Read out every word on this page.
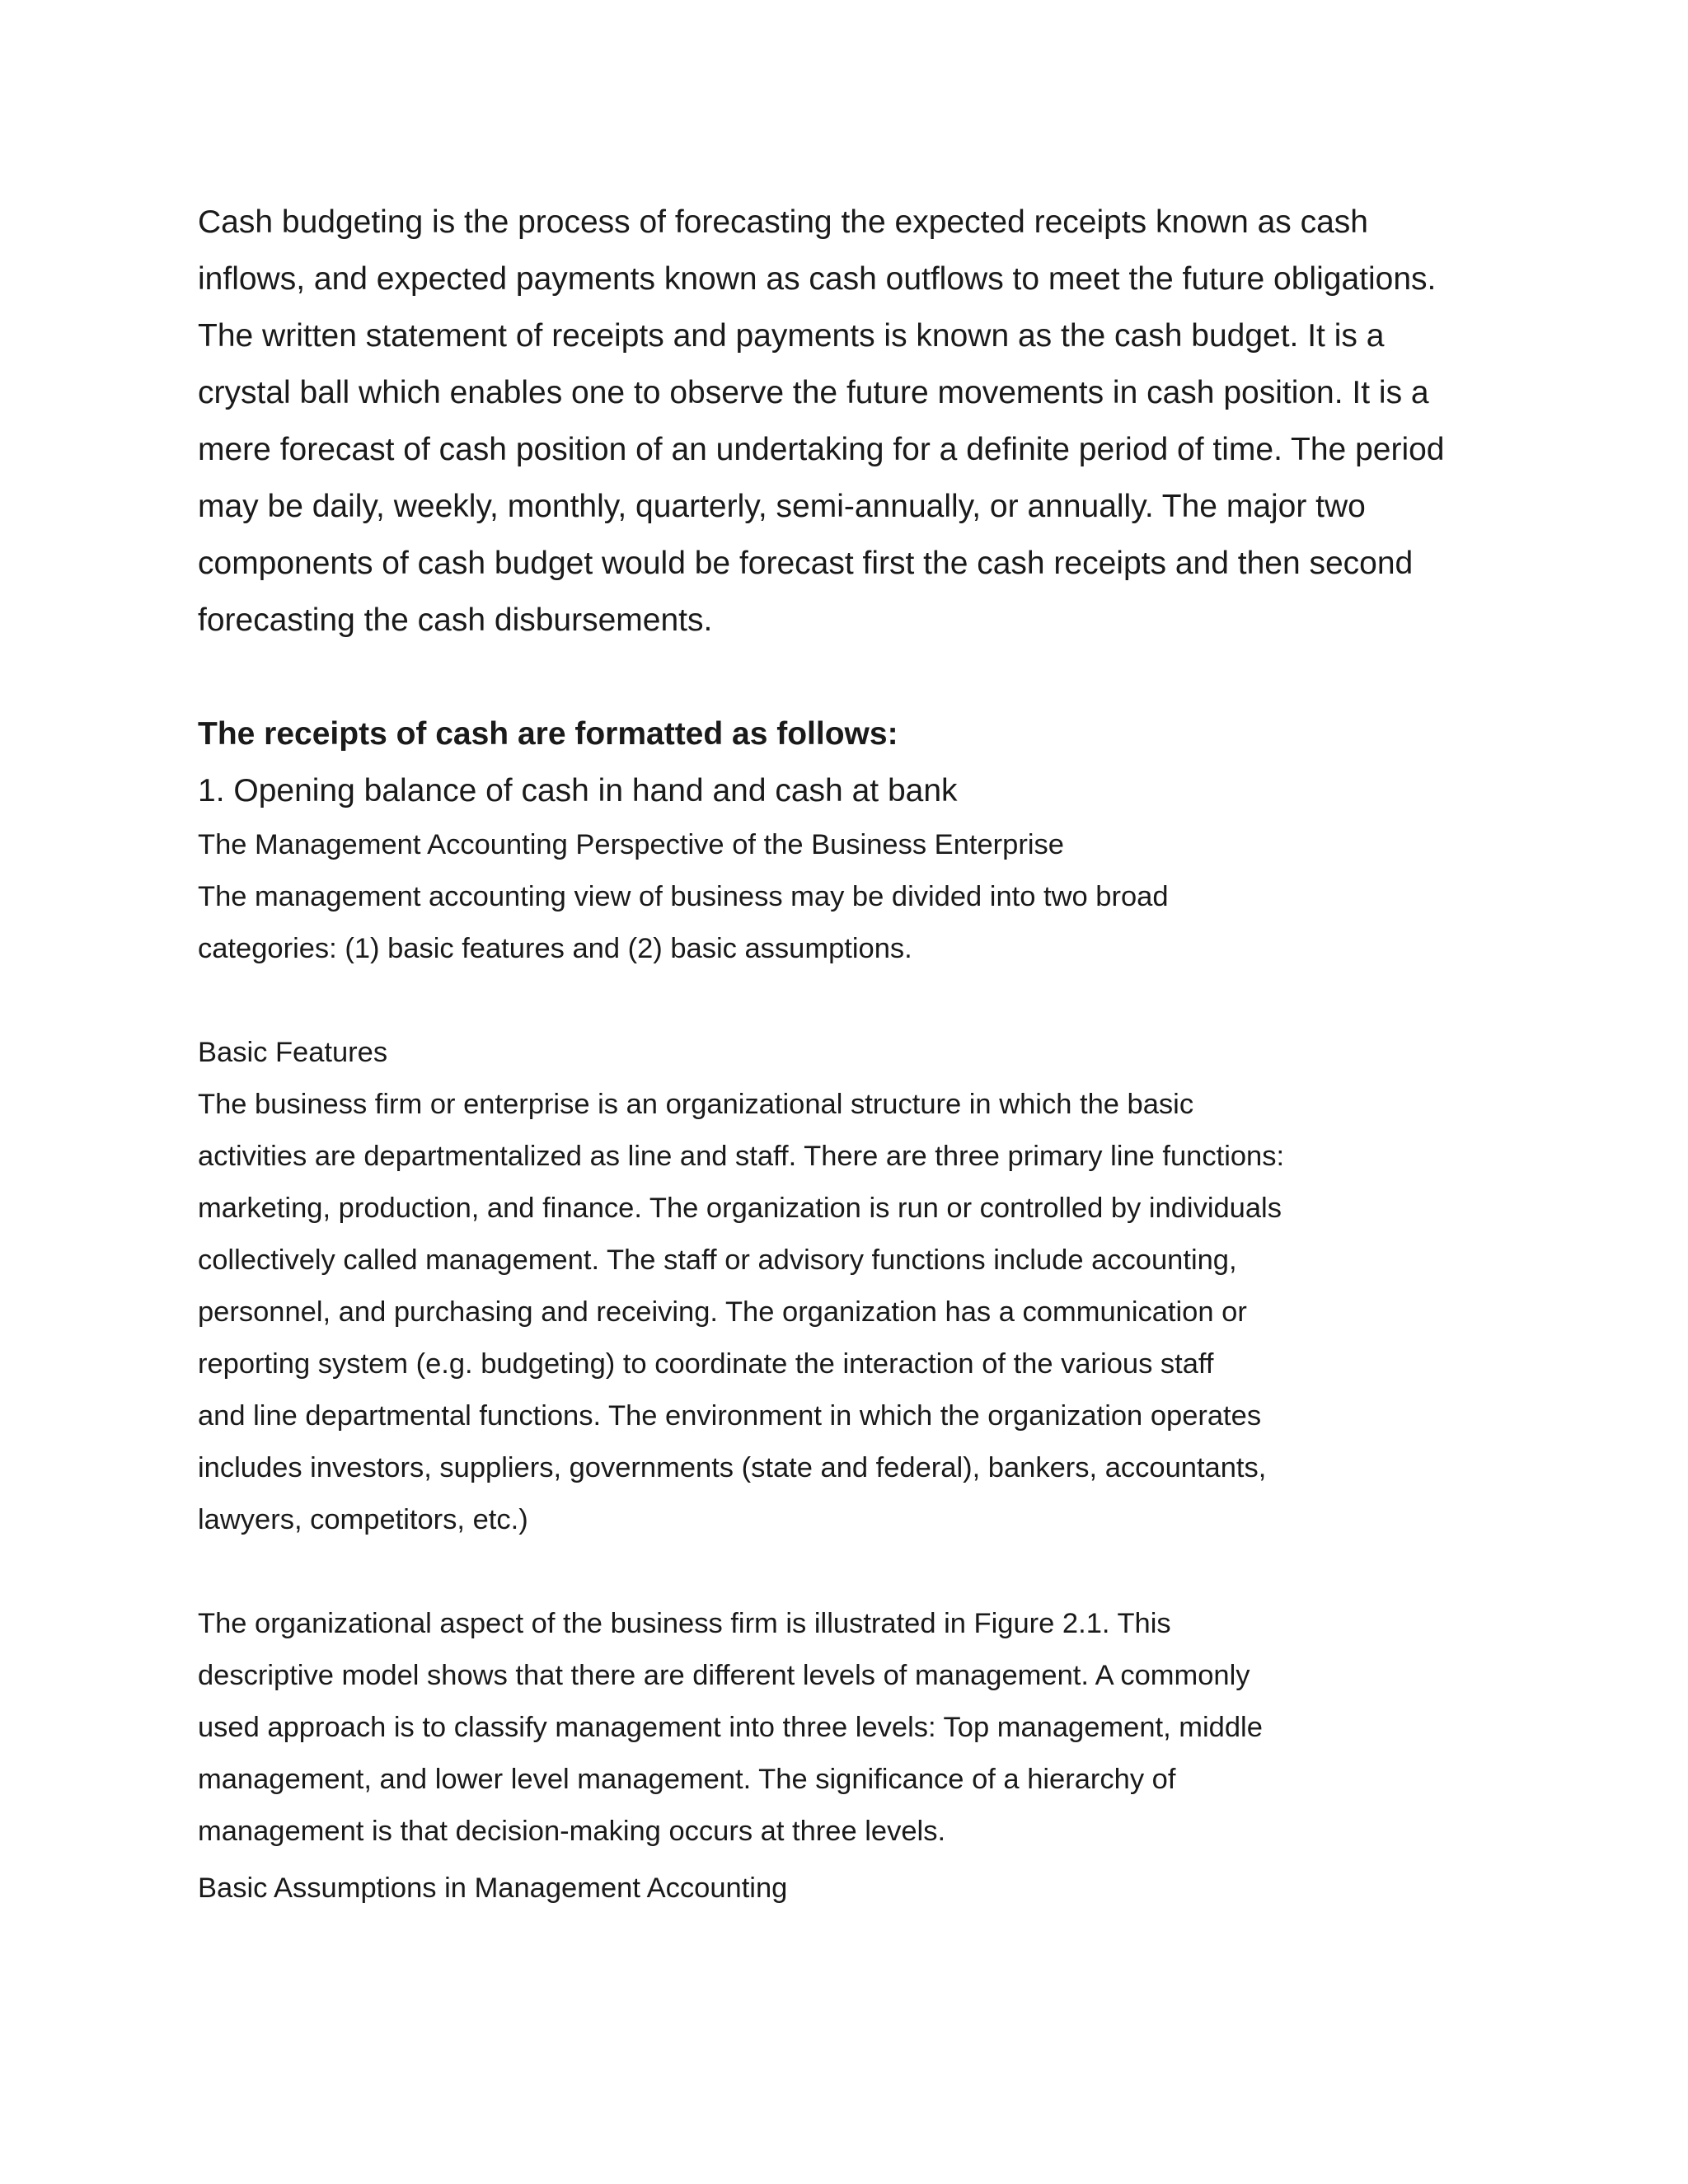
Cash budgeting is the process of forecasting the expected receipts known as cash

inflows, and expected payments known as cash outflows to meet the future obligations.

The written statement of receipts and payments is known as the cash budget. It is a

crystal ball which enables one to observe the future movements in cash position. It is a

mere forecast of cash position of an undertaking for a definite period of time. The period

may be daily, weekly, monthly, quarterly, semi-annually, or annually. The major two

components of cash budget would be forecast first the cash receipts and then second

forecasting the cash disbursements.

The receipts of cash are formatted as follows:

1. Opening balance of cash in hand and cash at bank

The Management Accounting Perspective of the Business Enterprise

The management accounting view of business may be divided into two broad

categories: (1) basic features and (2) basic assumptions.

Basic Features

The business firm or enterprise is an organizational structure in which the basic

activities are departmentalized as line and staff. There are three primary line functions:

marketing, production, and finance. The organization is run or controlled by individuals

collectively called management. The staff or advisory functions include accounting,

personnel, and purchasing and receiving. The organization has a communication or

reporting system (e.g. budgeting) to coordinate the interaction of the various staff

and line departmental functions. The environment in which the organization operates

includes investors, suppliers, governments (state and federal), bankers, accountants,

lawyers, competitors, etc.)

The organizational aspect of the business firm is illustrated in Figure 2.1. This

descriptive model shows that there are different levels of management. A commonly

used approach is to classify management into three levels: Top management, middle

management, and lower level management. The significance of a hierarchy of

management is that decision‐making occurs at three levels.

Basic Assumptions in Management Accounting
